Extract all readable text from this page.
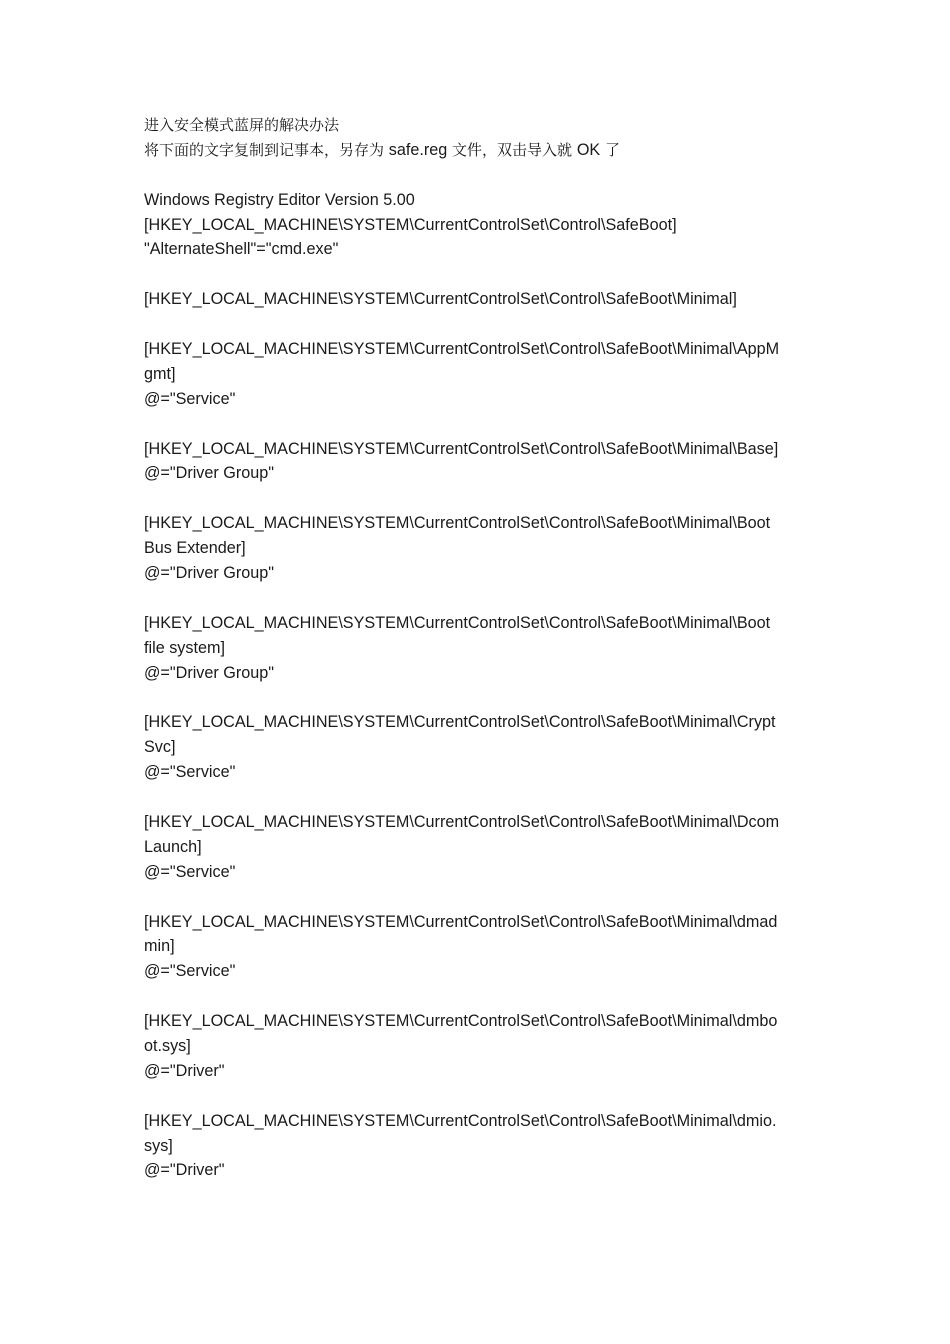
进入安全模式蓝屏的解决办法
将下面的文字复制到记事本，另存为 safe.reg 文件，双击导入就 OK 了
Windows Registry Editor Version 5.00
[HKEY_LOCAL_MACHINE\SYSTEM\CurrentControlSet\Control\SafeBoot]
"AlternateShell"="cmd.exe"
[HKEY_LOCAL_MACHINE\SYSTEM\CurrentControlSet\Control\SafeBoot\Minimal]
[HKEY_LOCAL_MACHINE\SYSTEM\CurrentControlSet\Control\SafeBoot\Minimal\AppM
gmt]
@="Service"
[HKEY_LOCAL_MACHINE\SYSTEM\CurrentControlSet\Control\SafeBoot\Minimal\Base]
@="Driver Group"
[HKEY_LOCAL_MACHINE\SYSTEM\CurrentControlSet\Control\SafeBoot\Minimal\Boot
Bus Extender]
@="Driver Group"
[HKEY_LOCAL_MACHINE\SYSTEM\CurrentControlSet\Control\SafeBoot\Minimal\Boot
file system]
@="Driver Group"
[HKEY_LOCAL_MACHINE\SYSTEM\CurrentControlSet\Control\SafeBoot\Minimal\Crypt
Svc]
@="Service"
[HKEY_LOCAL_MACHINE\SYSTEM\CurrentControlSet\Control\SafeBoot\Minimal\Dcom
Launch]
@="Service"
[HKEY_LOCAL_MACHINE\SYSTEM\CurrentControlSet\Control\SafeBoot\Minimal\dmad
min]
@="Service"
[HKEY_LOCAL_MACHINE\SYSTEM\CurrentControlSet\Control\SafeBoot\Minimal\dmbo
ot.sys]
@="Driver"
[HKEY_LOCAL_MACHINE\SYSTEM\CurrentControlSet\Control\SafeBoot\Minimal\dmio.
sys]
@="Driver"
